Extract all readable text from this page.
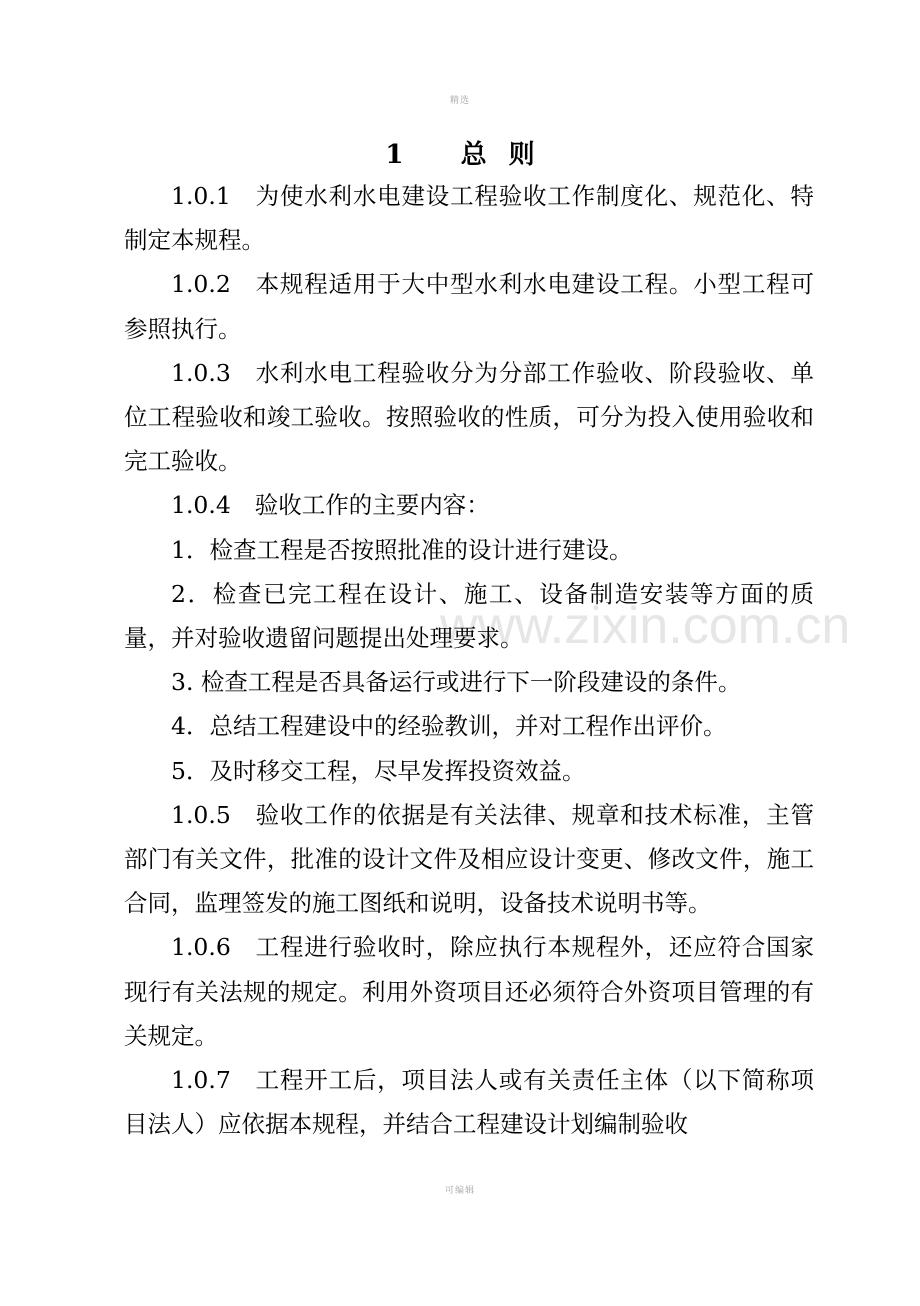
精选
www.zixin.com.cn
1 总则

1.0.1 为使水利水电建设工程验收工作制度化、规范化、特制定本规程。

1.0.2 本规程适用于大中型水利水电建设工程。小型工程可参照执行。

1.0.3 水利水电工程验收分为分部工作验收、阶段验收、单位工程验收和竣工验收。按照验收的性质，可分为投入使用验收和完工验收。

1.0.4 验收工作的主要内容：

1．检查工程是否按照批准的设计进行建设。

2．检查已完工程在设计、施工、设备制造安装等方面的质量，并对验收遗留问题提出处理要求。

3. 检查工程是否具备运行或进行下一阶段建设的条件。

4．总结工程建设中的经验教训，并对工程作出评价。

5．及时移交工程，尽早发挥投资效益。

1.0.5 验收工作的依据是有关法律、规章和技术标准，主管部门有关文件，批准的设计文件及相应设计变更、修改文件，施工合同，监理签发的施工图纸和说明，设备技术说明书等。

1.0.6 工程进行验收时，除应执行本规程外，还应符合国家现行有关法规的规定。利用外资项目还必须符合外资项目管理的有关规定。

1.0.7 工程开工后，项目法人或有关责任主体（以下简称项目法人）应依据本规程，并结合工程建设计划编制验收

可编辑
